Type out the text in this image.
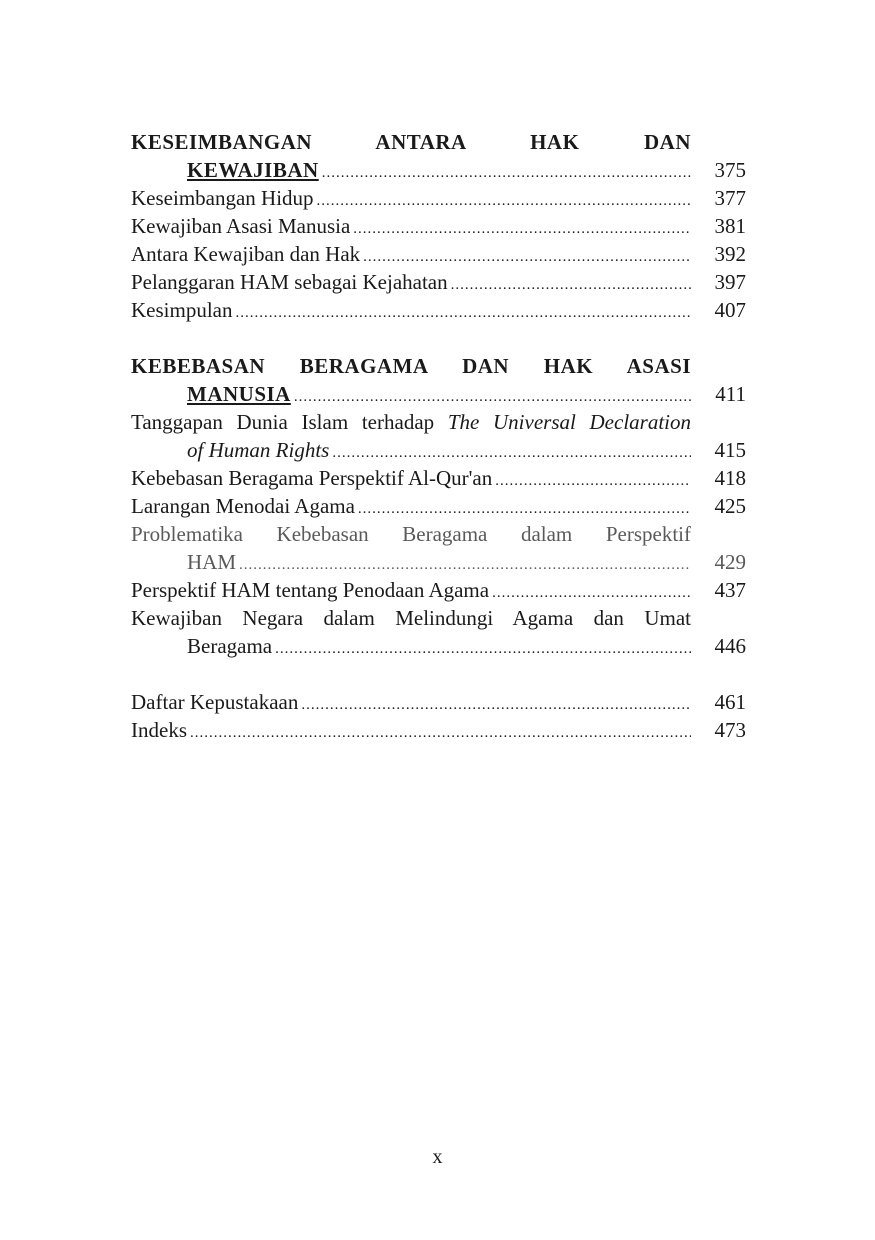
KESEIMBANGAN ANTARA HAK DAN
KEWAJIBAN .....	375
Keseimbangan Hidup .....	377
Kewajiban Asasi Manusia .....	381
Antara Kewajiban dan Hak .....	392
Pelanggaran HAM sebagai Kejahatan .....	397
Kesimpulan .....	407
KEBEBASAN BERAGAMA DAN HAK ASASI
MANUSIA .....	411
Tanggapan Dunia Islam terhadap The Universal Declaration
of Human Rights .....	415
Kebebasan Beragama Perspektif Al-Qur'an .....	418
Larangan Menodai Agama .....	425
Problematika Kebebasan Beragama dalam Perspektif
HAM .....	429
Perspektif HAM tentang Penodaan Agama .....	437
Kewajiban Negara dalam Melindungi Agama dan Umat
Beragama .....	446
Daftar Kepustakaan .....	461
Indeks .....	473
x
